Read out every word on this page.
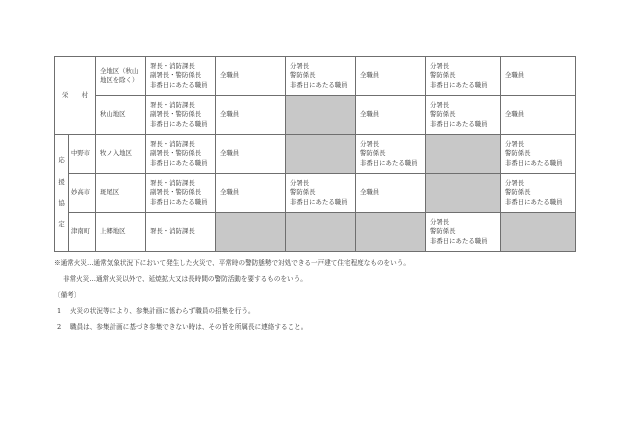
栄 村		全地区（秋山
地区を除く）	署長・消防課長
副署長・警防係長
非番日にあたる職員	全職員	分署長
警防係長
非番日にあたる職員	全職員	分署長
警防係長
非番日にあたる職員	全職員

		秋山地区	署長・消防課長
副署長・警防係長
非番日にあたる職員	全職員		全職員	分署長
警防係長
非番日にあたる職員	全職員

応
援
協
定	中野市	牧ノ入地区	署長・消防課長
副署長・警防係長
非番日にあたる職員	全職員		分署長
警防係長
非番日にあたる職員		分署長
警防係長
非番日にあたる職員

	妙高市	斑尾区	署長・消防課長
副署長・警防係長
非番日にあたる職員	全職員	分署長
警防係長
非番日にあたる職員	全職員		分署長
警防係長
非番日にあたる職員

	津南町	上郷地区	署長・消防課長				分署長
警防係長
非番日にあたる職員	

※通常火災…通常気象状況下において発生した火災で、平常時の警防態勢で対処できる一戸建て住宅程度なものをいう。
非常火災…通常火災以外で、延焼拡大又は長時間の警防活動を要するものをいう。
〔備考〕
1 火災の状況等により、参集計画に係わらず職員の招集を行う。
2 職員は、参集計画に基づき参集できない時は、その旨を所属長に連絡すること。
